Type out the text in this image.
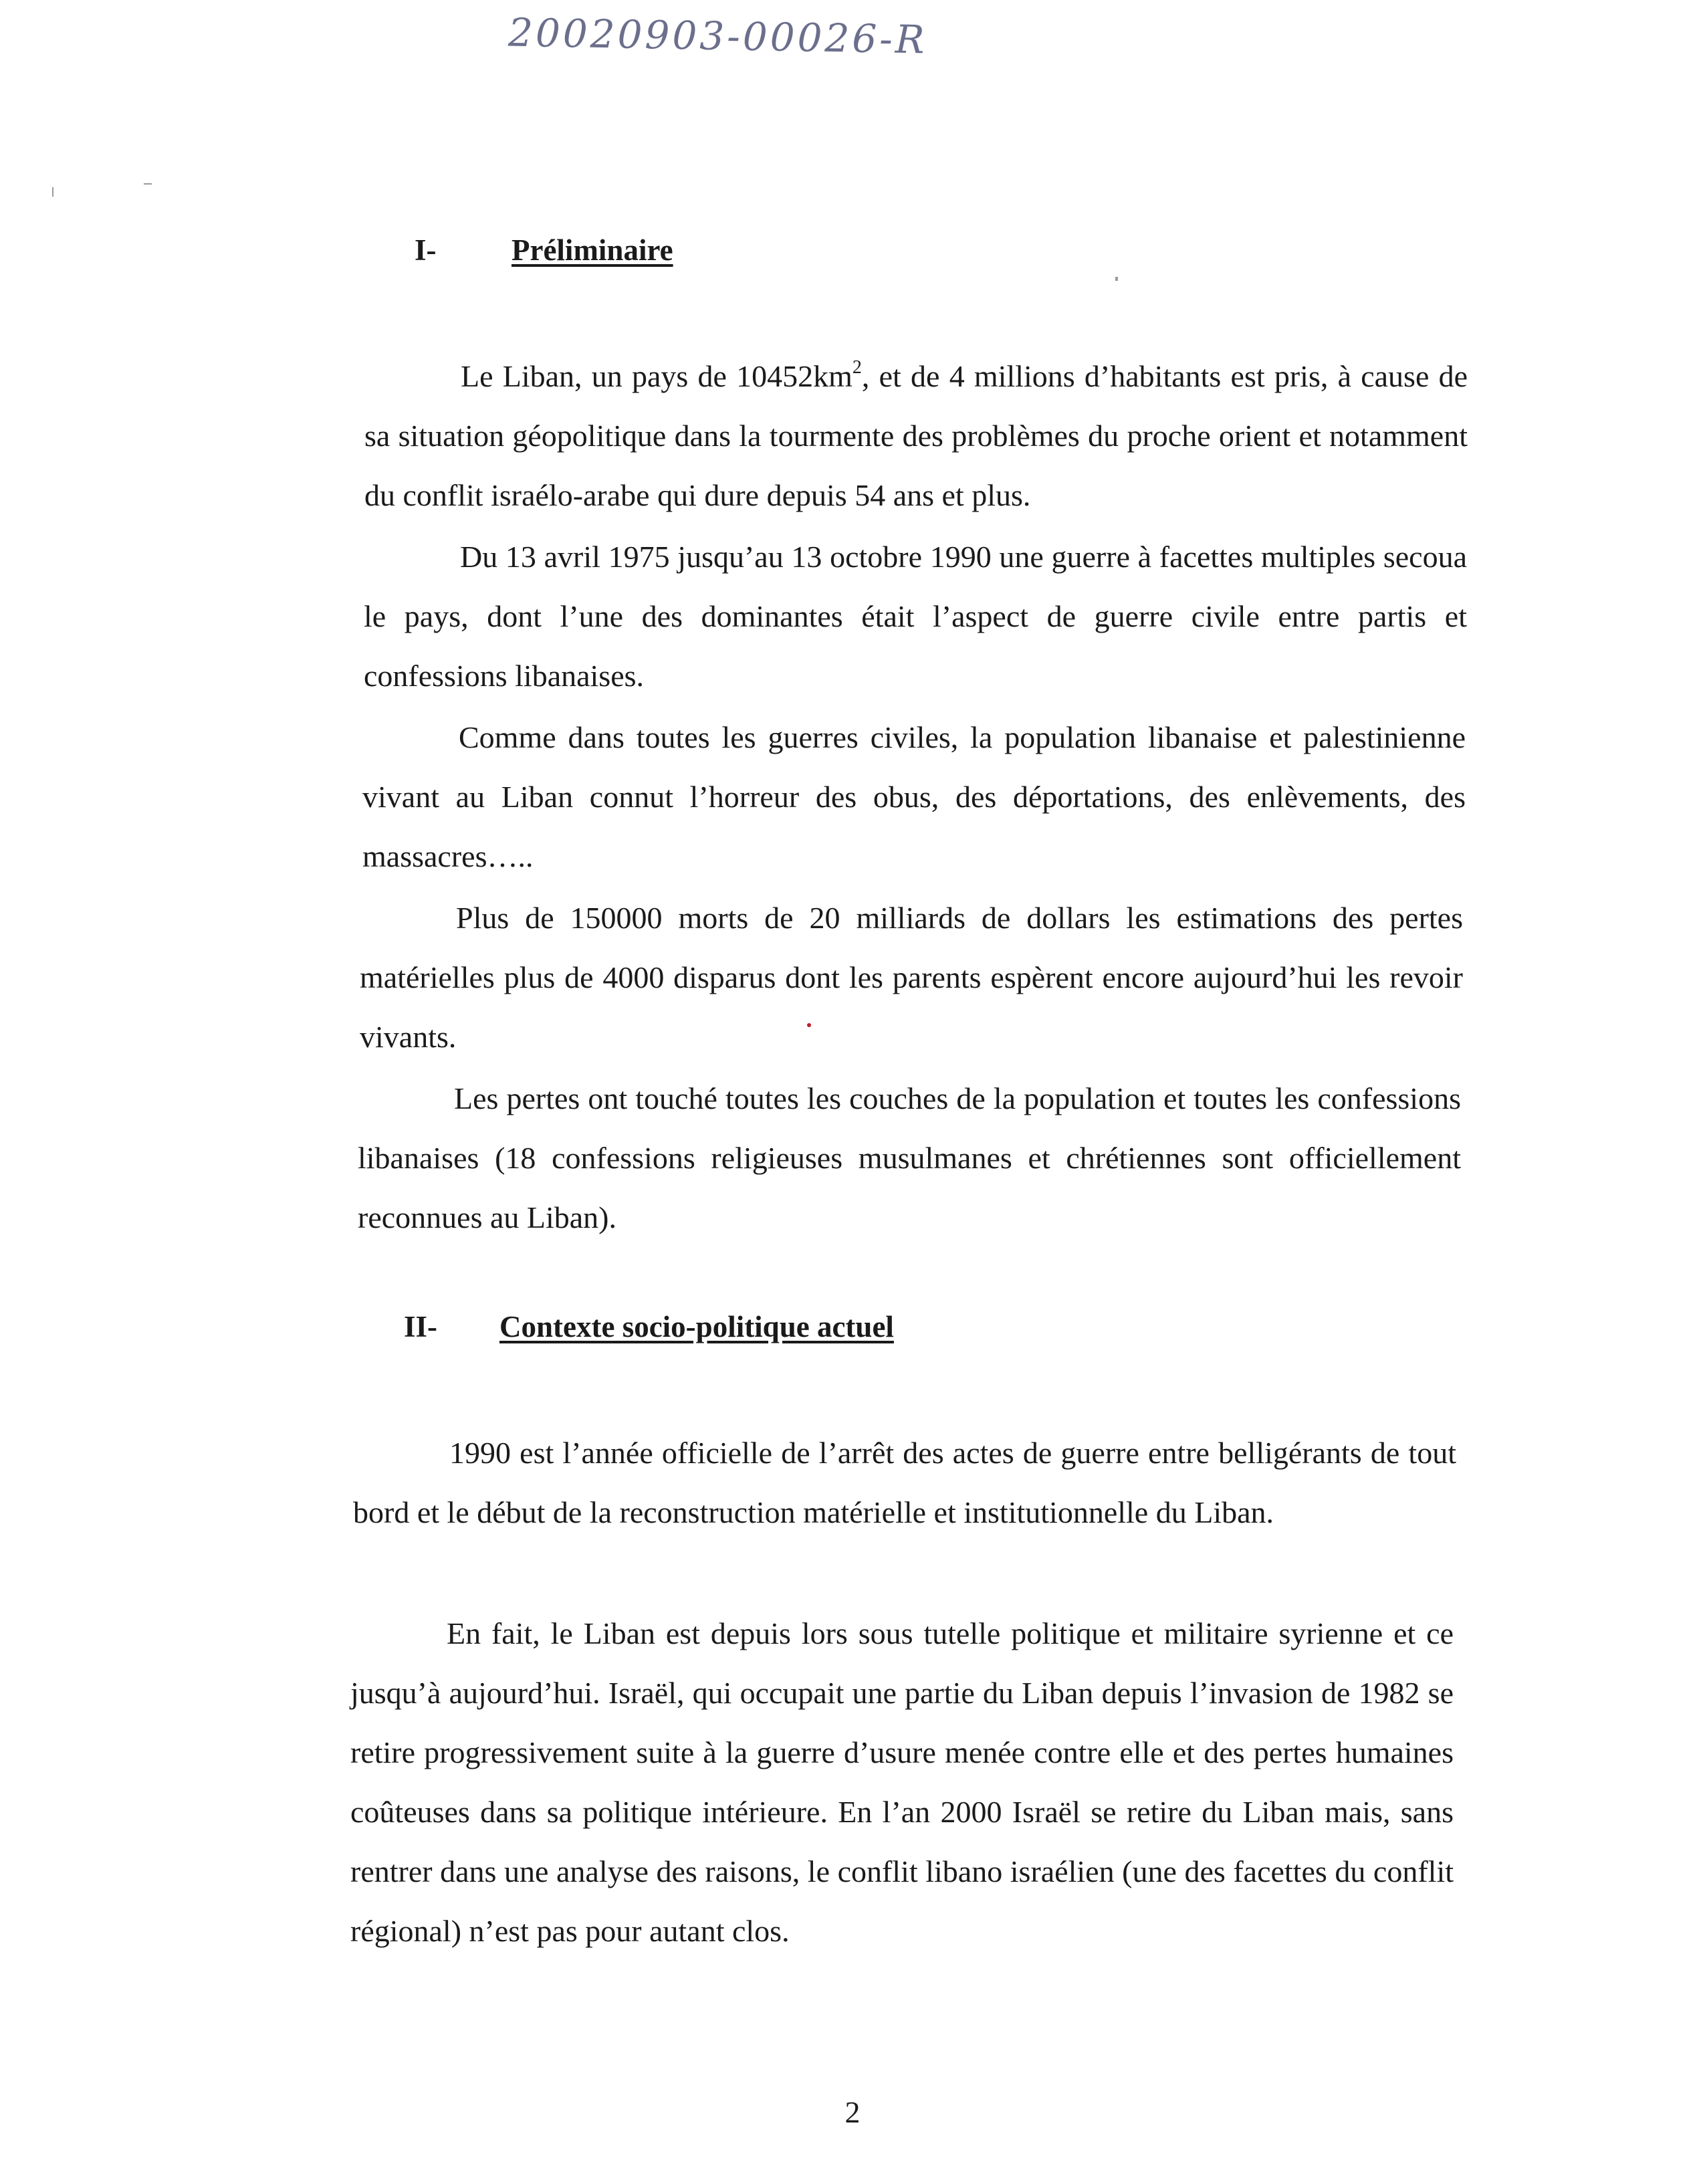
20020903-00026-R
I-	Préliminaire

Le Liban, un pays de $10452km^2$, et de 4 millions d’habitants est pris, à cause de sa situation géopolitique dans la tourmente des problèmes du proche orient et notamment du conflit israélo-arabe qui dure depuis 54 ans et plus.

Du 13 avril 1975 jusqu’au 13 octobre 1990 une guerre à facettes multiples secoua le pays, dont l’une des dominantes était l’aspect de guerre civile entre partis et confessions libanaises.

Comme dans toutes les guerres civiles, la population libanaise et palestinienne vivant au Liban connut l’horreur des obus, des déportations, des enlèvements, des massacres…..

Plus de 150000 morts de 20 milliards de dollars les estimations des pertes matérielles plus de 4000 disparus dont les parents espèrent encore aujourd’hui les revoir vivants.

Les pertes ont touché toutes les couches de la population et toutes les confessions libanaises (18 confessions religieuses musulmanes et chrétiennes sont officiellement reconnues au Liban).

II- Contexte socio-politique actuel

1990 est l’année officielle de l’arrêt des actes de guerre entre belligérants de tout bord et le début de la reconstruction matérielle et institutionnelle du Liban.

En fait, le Liban est depuis lors sous tutelle politique et militaire syrienne et ce jusqu’à aujourd’hui. Israël, qui occupait une partie du Liban depuis l’invasion de 1982 se retire progressivement suite à la guerre d’usure menée contre elle et des pertes humaines coûteuses dans sa politique intérieure. En l’an 2000 Israël se retire du Liban mais, sans rentrer dans une analyse des raisons, le conflit libano israélien (une des facettes du conflit régional) n’est pas pour autant clos.

2
